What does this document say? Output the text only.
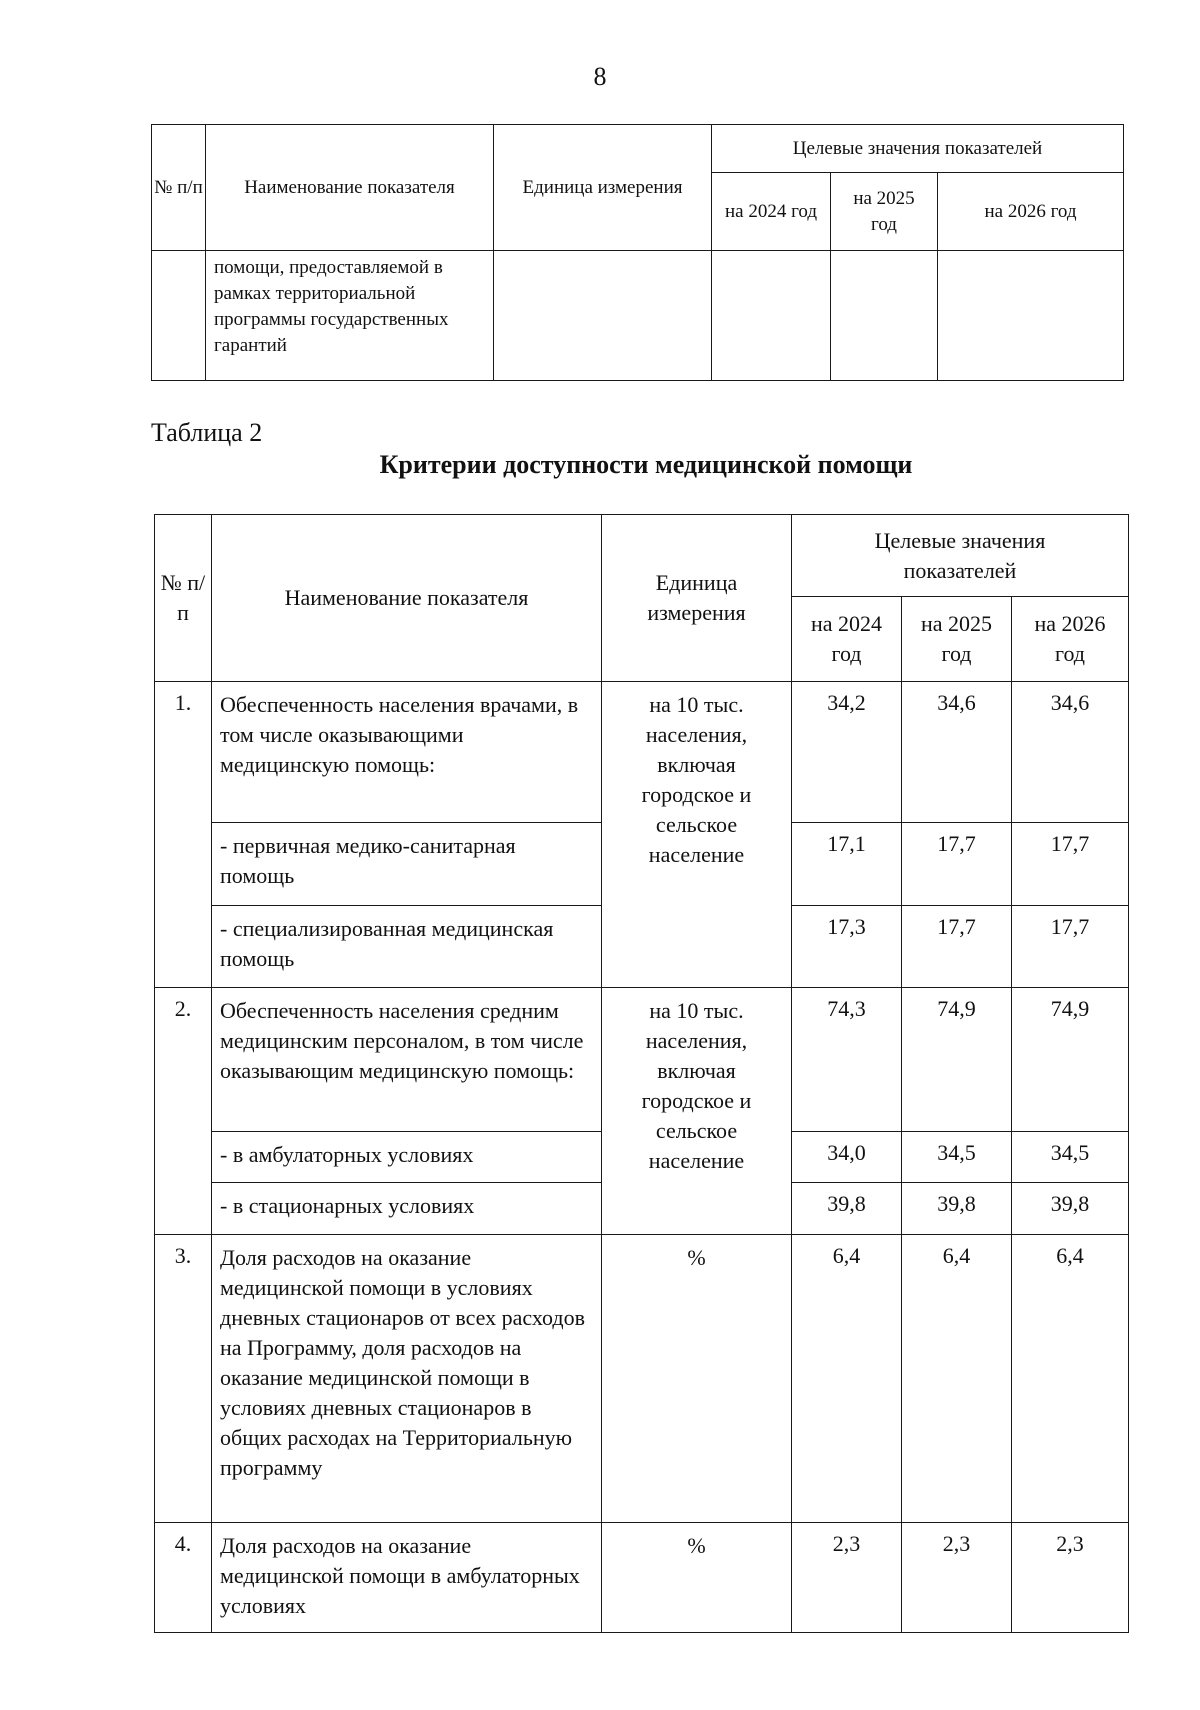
8
№ п/п	Наименование показателя	Единица измерения	Целевые значения показателей		
			на 2024 год	на 2025 год	на 2026 год
	помощи, предоставляемой в рамках территориальной программы государственных гарантий				
Таблица 2
Критерии доступности медицинской помощи
№ п/п	Наименование показателя	Единица измерения	Целевые значения показателей		
			на 2024 год	на 2025 год	на 2026 год
1.	Обеспеченность населения врачами, в том числе оказывающими медицинскую помощь:	на 10 тыс. населения, включая городское и сельское население	34,2	34,6	34,6
	- первичная медико-санитарная помощь		17,1	17,7	17,7
	- специализированная медицинская помощь		17,3	17,7	17,7
2.	Обеспеченность населения средним медицинским персоналом, в том числе оказывающим медицинскую помощь:	на 10 тыс. населения, включая городское и сельское население	74,3	74,9	74,9
	- в амбулаторных условиях		34,0	34,5	34,5
	- в стационарных условиях		39,8	39,8	39,8
3.	Доля расходов на оказание медицинской помощи в условиях дневных стационаров от всех расходов на Программу, доля расходов на оказание медицинской помощи в условиях дневных стационаров в общих расходах на Территориальную программу	%	6,4	6,4	6,4
4.	Доля расходов на оказание медицинской помощи в амбулаторных условиях	%	2,3	2,3	2,3
